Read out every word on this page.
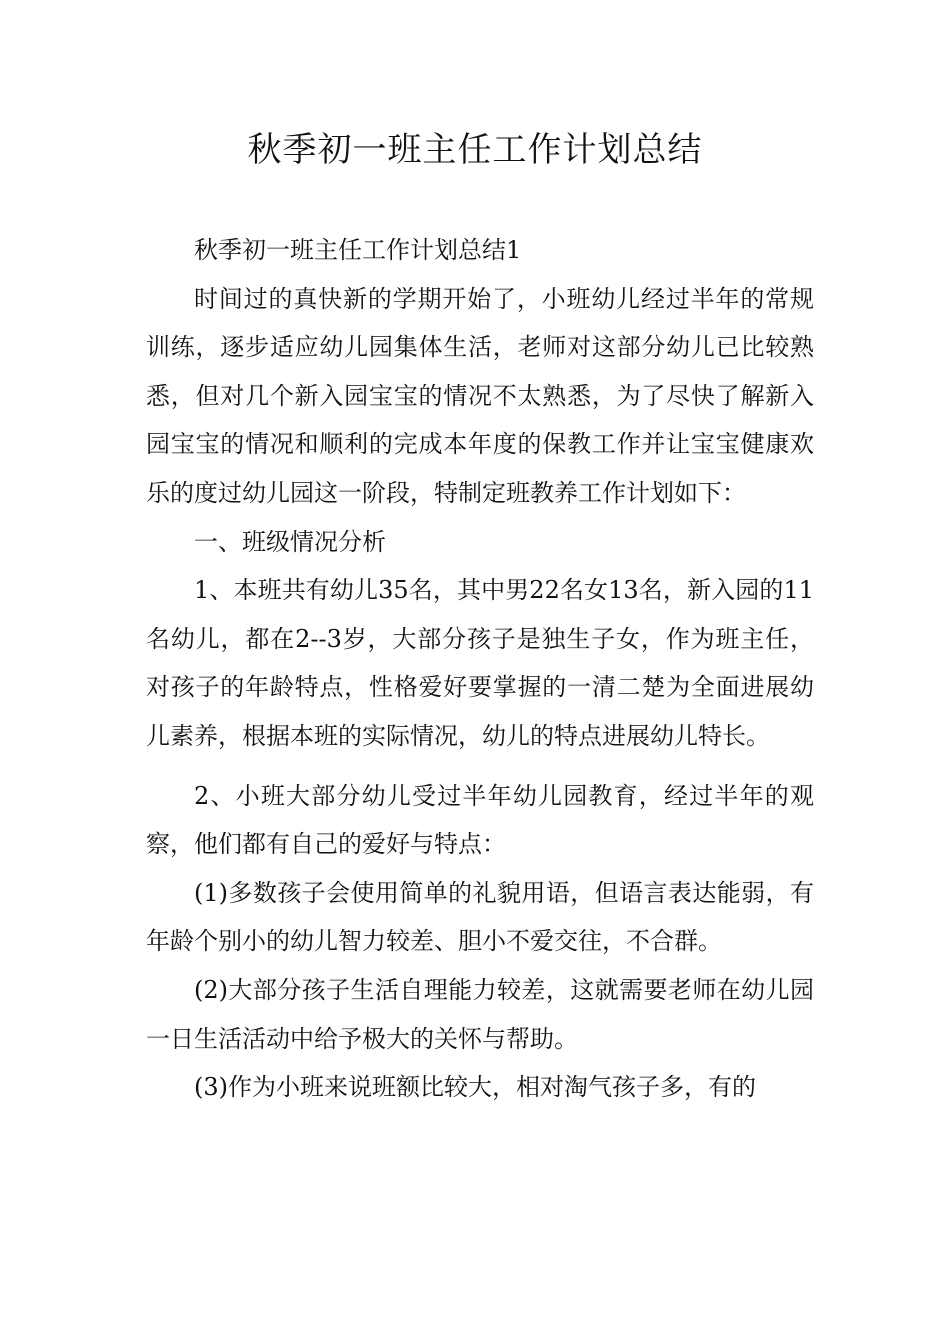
秋季初一班主任工作计划总结

秋季初一班主任工作计划总结1

时间过的真快新的学期开始了，小班幼儿经过半年的常规训练，逐步适应幼儿园集体生活，老师对这部分幼儿已比较熟悉，但对几个新入园宝宝的情况不太熟悉，为了尽快了解新入园宝宝的情况和顺利的完成本年度的保教工作并让宝宝健康欢乐的度过幼儿园这一阶段，特制定班教养工作计划如下：

一、班级情况分析

1、本班共有幼儿35名，其中男22名女13名，新入园的11名幼儿，都在2--3岁，大部分孩子是独生子女，作为班主任，对孩子的年龄特点，性格爱好要掌握的一清二楚为全面进展幼儿素养，根据本班的实际情况，幼儿的特点进展幼儿特长。

2、小班大部分幼儿受过半年幼儿园教育，经过半年的观察，他们都有自己的爱好与特点：

(1)多数孩子会使用简单的礼貌用语，但语言表达能弱，有年龄个别小的幼儿智力较差、胆小不爱交往，不合群。

(2)大部分孩子生活自理能力较差，这就需要老师在幼儿园一日生活活动中给予极大的关怀与帮助。

(3)作为小班来说班额比较大，相对淘气孩子多，有的
